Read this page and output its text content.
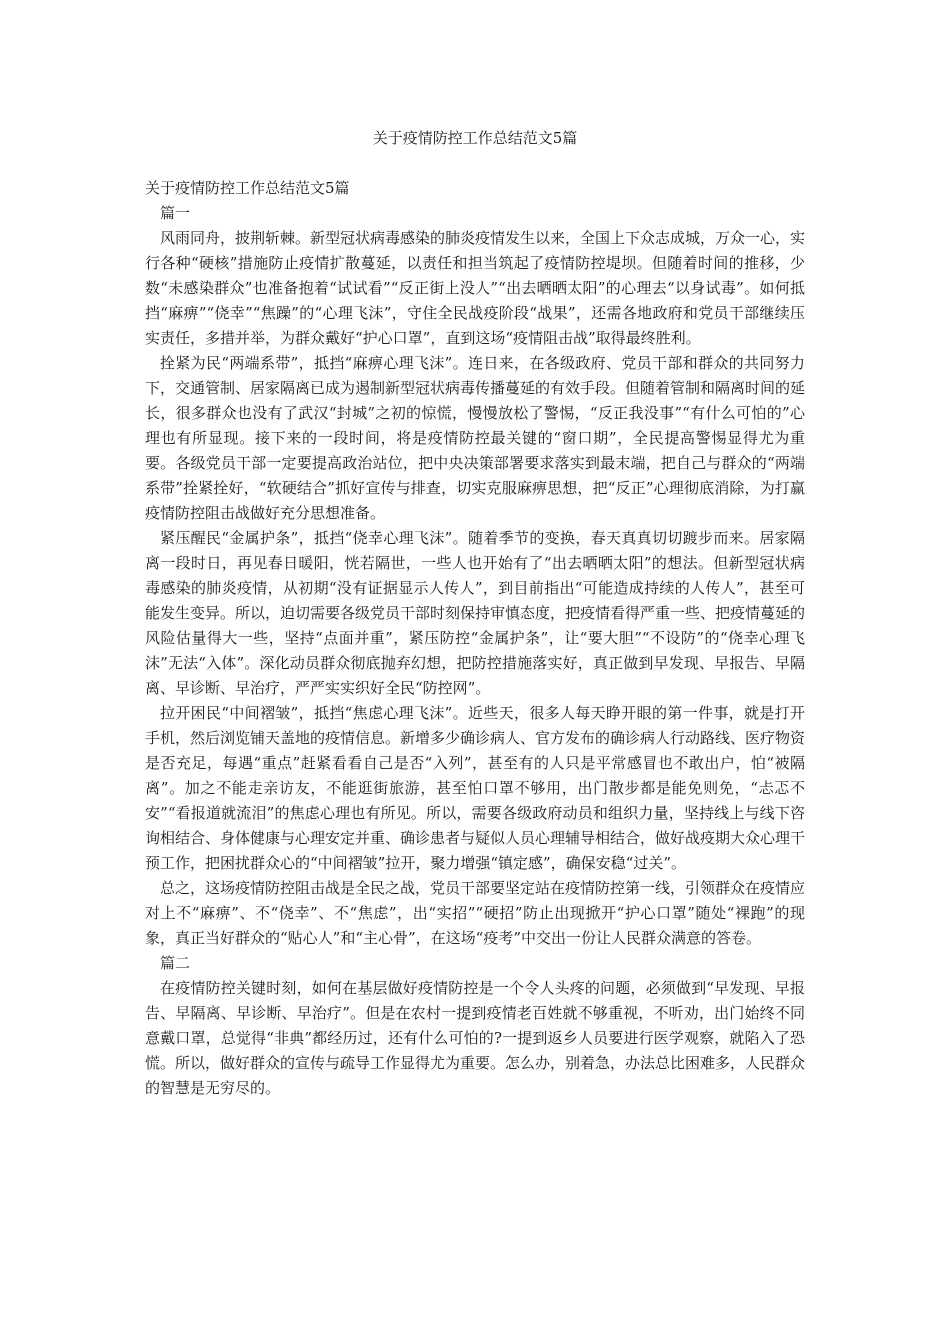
关于疫情防控工作总结范文5篇

关于疫情防控工作总结范文5篇

篇一

风雨同舟，披荆斩棘。新型冠状病毒感染的肺炎疫情发生以来，全国上下众志成城，万众一心，实行各种“硬核”措施防止疫情扩散蔓延，以责任和担当筑起了疫情防控堤坝。但随着时间的推移，少数“未感染群众”也准备抱着“试试看”“反正街上没人”“出去晒晒太阳”的心理去“以身试毒”。如何抵挡“麻痹”“侥幸”“焦躁”的“心理飞沫”，守住全民战疫阶段“战果”，还需各地政府和党员干部继续压实责任，多措并举，为群众戴好“护心口罩”，直到这场“疫情阻击战”取得最终胜利。

拴紧为民“两端系带”，抵挡“麻痹心理飞沫”。连日来，在各级政府、党员干部和群众的共同努力下，交通管制、居家隔离已成为遏制新型冠状病毒传播蔓延的有效手段。但随着管制和隔离时间的延长，很多群众也没有了武汉“封城”之初的惊慌，慢慢放松了警惕，“反正我没事”“有什么可怕的”心理也有所显现。接下来的一段时间，将是疫情防控最关键的“窗口期”，全民提高警惕显得尤为重要。各级党员干部一定要提高政治站位，把中央决策部署要求落实到最末端，把自己与群众的“两端系带”拴紧拴好，“软硬结合”抓好宣传与排查，切实克服麻痹思想，把“反正”心理彻底消除，为打赢疫情防控阻击战做好充分思想准备。

紧压醒民“金属护条”，抵挡“侥幸心理飞沫”。随着季节的变换，春天真真切切踱步而来。居家隔离一段时日，再见春日暖阳，恍若隔世，一些人也开始有了“出去晒晒太阳”的想法。但新型冠状病毒感染的肺炎疫情，从初期“没有证据显示人传人”，到目前指出“可能造成持续的人传人”，甚至可能发生变异。所以，迫切需要各级党员干部时刻保持审慎态度，把疫情看得严重一些、把疫情蔓延的风险估量得大一些，坚持“点面并重”，紧压防控“金属护条”，让“要大胆”“不设防”的“侥幸心理飞沫”无法“入体”。深化动员群众彻底抛弃幻想，把防控措施落实好，真正做到早发现、早报告、早隔离、早诊断、早治疗，严严实实织好全民“防控网”。

拉开困民“中间褶皱”，抵挡“焦虑心理飞沫”。近些天，很多人每天睁开眼的第一件事，就是打开手机，然后浏览铺天盖地的疫情信息。新增多少确诊病人、官方发布的确诊病人行动路线、医疗物资是否充足，每遇“重点”赶紧看看自己是否“入列”，甚至有的人只是平常感冒也不敢出户，怕“被隔离”。加之不能走亲访友，不能逛街旅游，甚至怕口罩不够用，出门散步都是能免则免，“忐忑不安”“看报道就流泪”的焦虑心理也有所见。所以，需要各级政府动员和组织力量，坚持线上与线下咨询相结合、身体健康与心理安定并重、确诊患者与疑似人员心理辅导相结合，做好战疫期大众心理干预工作，把困扰群众心的“中间褶皱”拉开，聚力增强“镇定感”，确保安稳“过关”。

总之，这场疫情防控阻击战是全民之战，党员干部要坚定站在疫情防控第一线，引领群众在疫情应对上不“麻痹”、不“侥幸”、不“焦虑”，出“实招”“硬招”防止出现掀开“护心口罩”随处“裸跑”的现象，真正当好群众的“贴心人”和“主心骨”，在这场“疫考”中交出一份让人民群众满意的答卷。

篇二

在疫情防控关键时刻，如何在基层做好疫情防控是一个令人头疼的问题，必须做到“早发现、早报告、早隔离、早诊断、早治疗”。但是在农村一提到疫情老百姓就不够重视，不听劝，出门始终不同意戴口罩，总觉得“非典”都经历过，还有什么可怕的?一提到返乡人员要进行医学观察，就陷入了恐慌。所以，做好群众的宣传与疏导工作显得尤为重要。怎么办，别着急，办法总比困难多，人民群众的智慧是无穷尽的。
